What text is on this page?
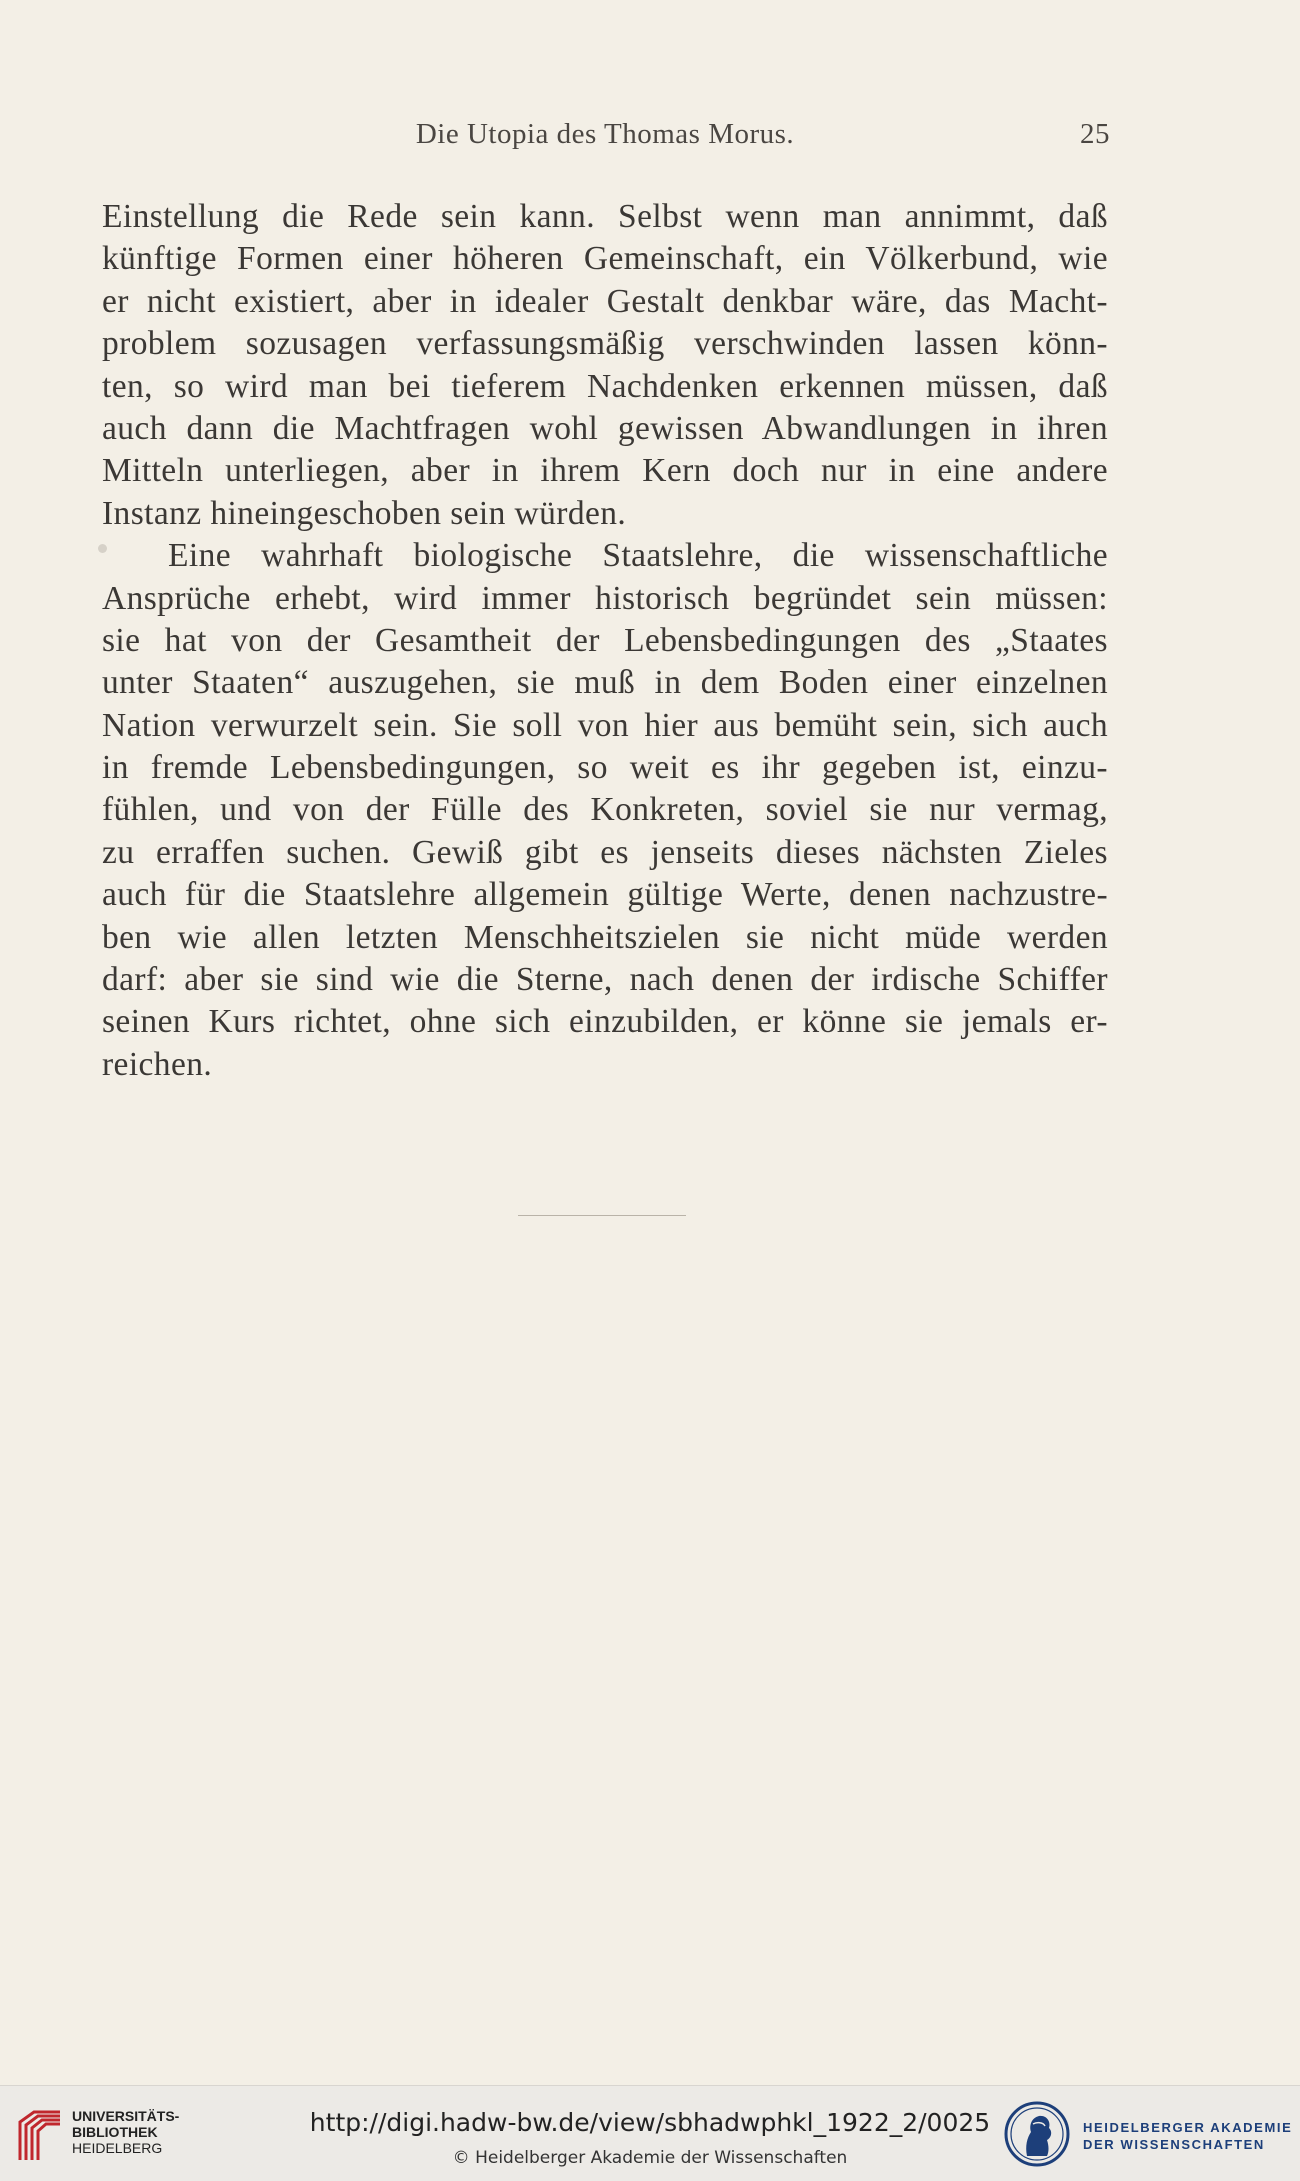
Die Utopia des Thomas Morus.	25
Einstellung die Rede sein kann. Selbst wenn man annimmt, daß
künftige Formen einer höheren Gemeinschaft, ein Völkerbund, wie
er nicht existiert, aber in idealer Gestalt denkbar wäre, das Macht-
problem sozusagen verfassungsmäßig verschwinden lassen könn-
ten, so wird man bei tieferem Nachdenken erkennen müssen, daß
auch dann die Machtfragen wohl gewissen Abwandlungen in ihren
Mitteln unterliegen, aber in ihrem Kern doch nur in eine andere
Instanz hineingeschoben sein würden.
Eine wahrhaft biologische Staatslehre, die wissenschaftliche
Ansprüche erhebt, wird immer historisch begründet sein müssen:
sie hat von der Gesamtheit der Lebensbedingungen des „Staates
unter Staaten“ auszugehen, sie muß in dem Boden einer einzelnen
Nation verwurzelt sein. Sie soll von hier aus bemüht sein, sich auch
in fremde Lebensbedingungen, so weit es ihr gegeben ist, einzu-
fühlen, und von der Fülle des Konkreten, soviel sie nur vermag,
zu erraffen suchen. Gewiß gibt es jenseits dieses nächsten Zieles
auch für die Staatslehre allgemein gültige Werte, denen nachzustre-
ben wie allen letzten Menschheitszielen sie nicht müde werden
darf: aber sie sind wie die Sterne, nach denen der irdische Schiffer
seinen Kurs richtet, ohne sich einzubilden, er könne sie jemals er-
reichen.
UNIVERSITÄTS-
BIBLIOTHEK
HEIDELBERG
http://digi.hadw-bw.de/view/sbhadwphkl_1922_2/0025
© Heidelberger Akademie der Wissenschaften
HEIDELBERGER AKADEMIE
DER WISSENSCHAFTEN
